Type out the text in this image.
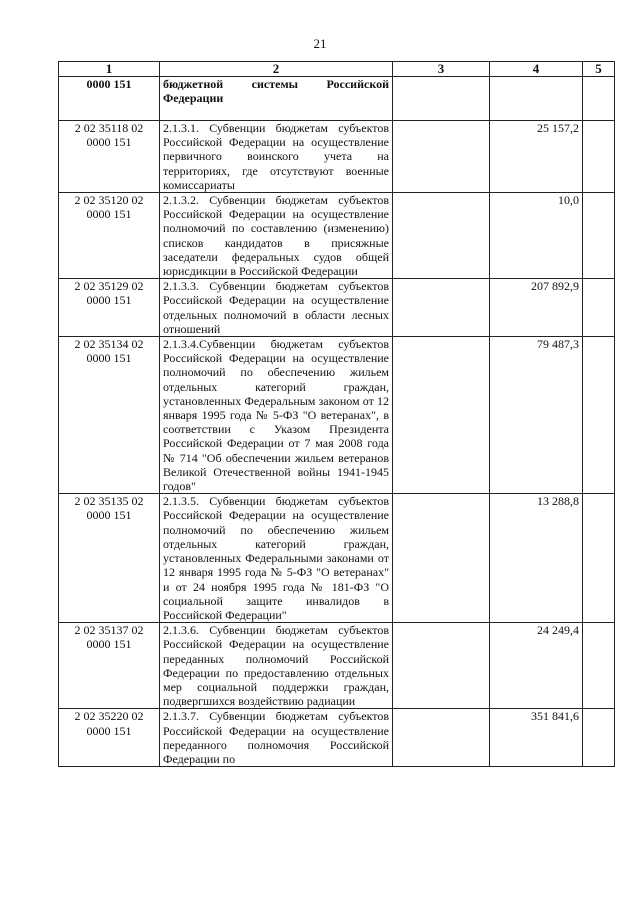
21
1	2	3	4	5
0000 151	бюджетной системы Российской Федерации			
2 02 35118 02 0000 151	2.1.3.1. Субвенции бюджетам субъектов Российской Федерации на осуществление первичного воинского учета на территориях, где отсутствуют военные комиссариаты		25 157,2	
2 02 35120 02 0000 151	2.1.3.2. Субвенции бюджетам субъектов Российской Федерации на осуществление полномочий по составлению (изменению) списков кандидатов в присяжные заседатели федеральных судов общей юрисдикции в Российской Федерации		10,0	
2 02 35129 02 0000 151	2.1.3.3. Субвенции бюджетам субъектов Российской Федерации на осуществление отдельных полномочий в области лесных отношений		207 892,9	
2 02 35134 02 0000 151	2.1.3.4.Субвенции бюджетам субъектов Российской Федерации на осуществление полномочий по обеспечению жильем отдельных категорий граждан, установленных Федеральным законом от 12 января 1995 года № 5-ФЗ "О ветеранах", в соответствии с Указом Президента Российской Федерации от 7 мая 2008 года № 714 "Об обеспечении жильем ветеранов Великой Отечественной войны 1941-1945 годов"		79 487,3	
2 02 35135 02 0000 151	2.1.3.5. Субвенции бюджетам субъектов Российской Федерации на осуществление полномочий по обеспечению жильем отдельных категорий граждан, установленных Федеральными законами от 12 января 1995 года № 5-ФЗ "О ветеранах" и от 24 ноября 1995 года № 181-ФЗ "О социальной защите инвалидов в Российской Федерации"		13 288,8	
2 02 35137 02 0000 151	2.1.3.6. Субвенции бюджетам субъектов Российской Федерации на осуществление переданных полномочий Российской Федерации по предоставлению отдельных мер социальной поддержки граждан, подвергшихся воздействию радиации		24 249,4	
2 02 35220 02 0000 151	2.1.3.7. Субвенции бюджетам субъектов Российской Федерации на осуществление переданного полномочия Российской Федерации по		351 841,6	
